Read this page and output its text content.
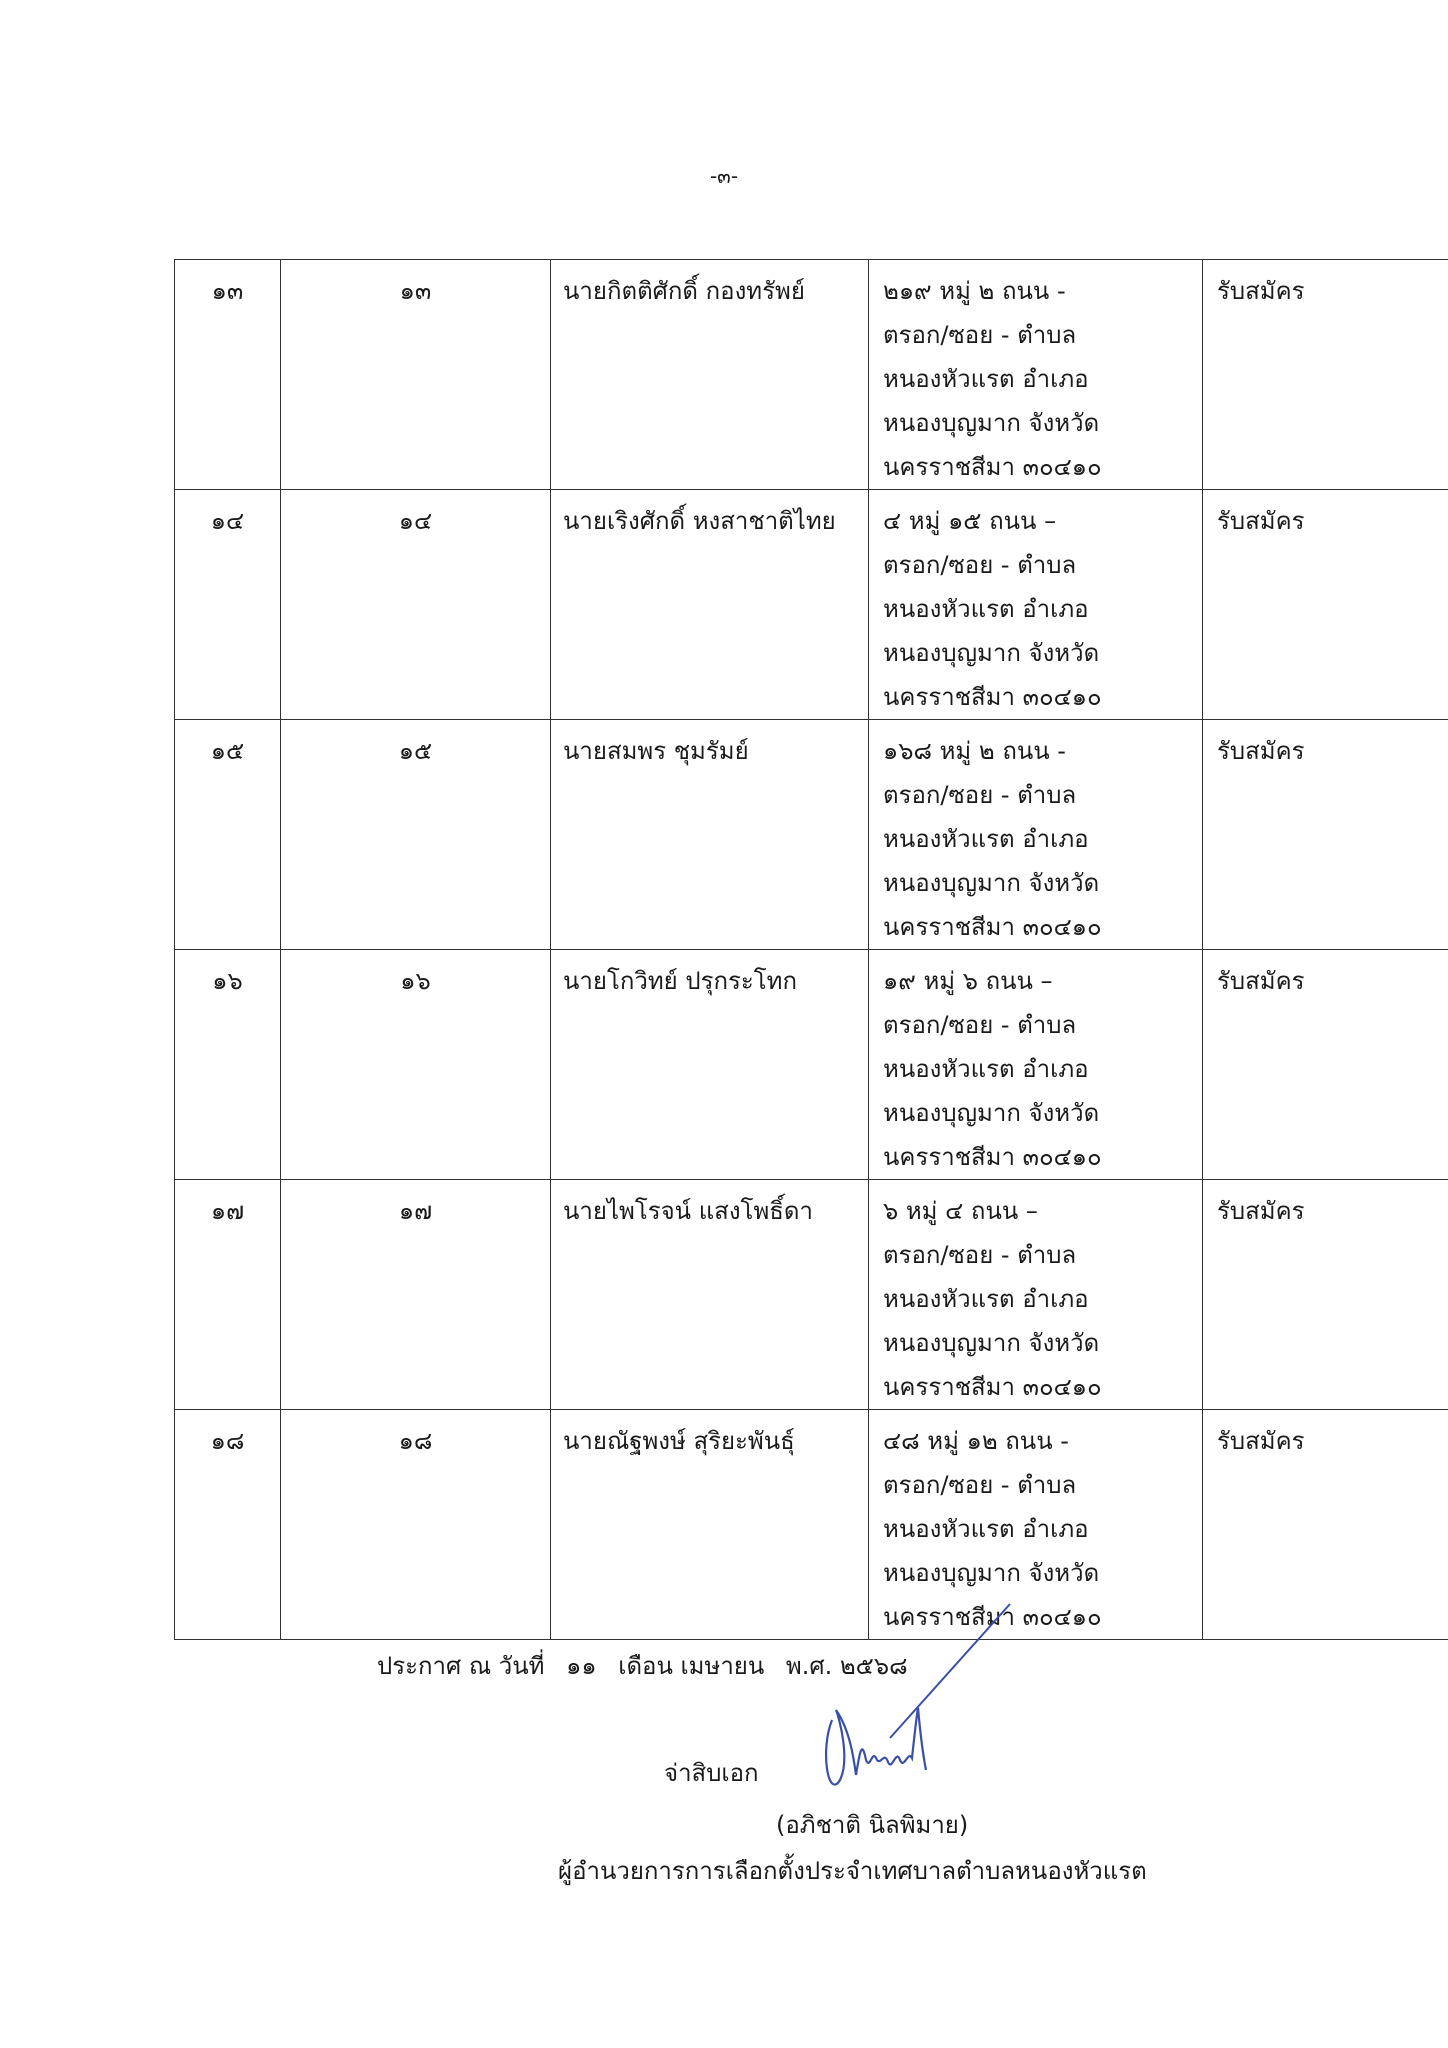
-๓-
๑๓	๑๓	นายกิตติศักดิ์ กองทรัพย์	๒๑๙ หมู่ ๒ ถนน -
ตรอก/ซอย - ตำบล
หนองหัวแรต อำเภอ
หนองบุญมาก จังหวัด
นครราชสีมา ๓๐๔๑๐	รับสมัคร

๑๔	๑๔	นายเริงศักดิ์ หงสาชาติไทย	๔ หมู่ ๑๕ ถนน –
ตรอก/ซอย - ตำบล
หนองหัวแรต อำเภอ
หนองบุญมาก จังหวัด
นครราชสีมา ๓๐๔๑๐	รับสมัคร

๑๕	๑๕	นายสมพร ชุมรัมย์	๑๖๘ หมู่ ๒ ถนน -
ตรอก/ซอย - ตำบล
หนองหัวแรต อำเภอ
หนองบุญมาก จังหวัด
นครราชสีมา ๓๐๔๑๐	รับสมัคร

๑๖	๑๖	นายโกวิทย์ ปรุกระโทก	๑๙ หมู่ ๖ ถนน –
ตรอก/ซอย - ตำบล
หนองหัวแรต อำเภอ
หนองบุญมาก จังหวัด
นครราชสีมา ๓๐๔๑๐	รับสมัคร

๑๗	๑๗	นายไพโรจน์ แสงโพธิ์ดา	๖ หมู่ ๔ ถนน –
ตรอก/ซอย - ตำบล
หนองหัวแรต อำเภอ
หนองบุญมาก จังหวัด
นครราชสีมา ๓๐๔๑๐	รับสมัคร

๑๘	๑๘	นายณัฐพงษ์ สุริยะพันธุ์	๔๘ หมู่ ๑๒ ถนน -
ตรอก/ซอย - ตำบล
หนองหัวแรต อำเภอ
หนองบุญมาก จังหวัด
นครราชสีมา ๓๐๔๑๐	รับสมัคร
ประกาศ ณ วันที่ ๑๑ เดือน เมษายน พ.ศ. ๒๕๖๘
จ่าสิบเอก
(อภิชาติ นิลพิมาย)
ผู้อำนวยการการเลือกตั้งประจำเทศบาลตำบลหนองหัวแรต
